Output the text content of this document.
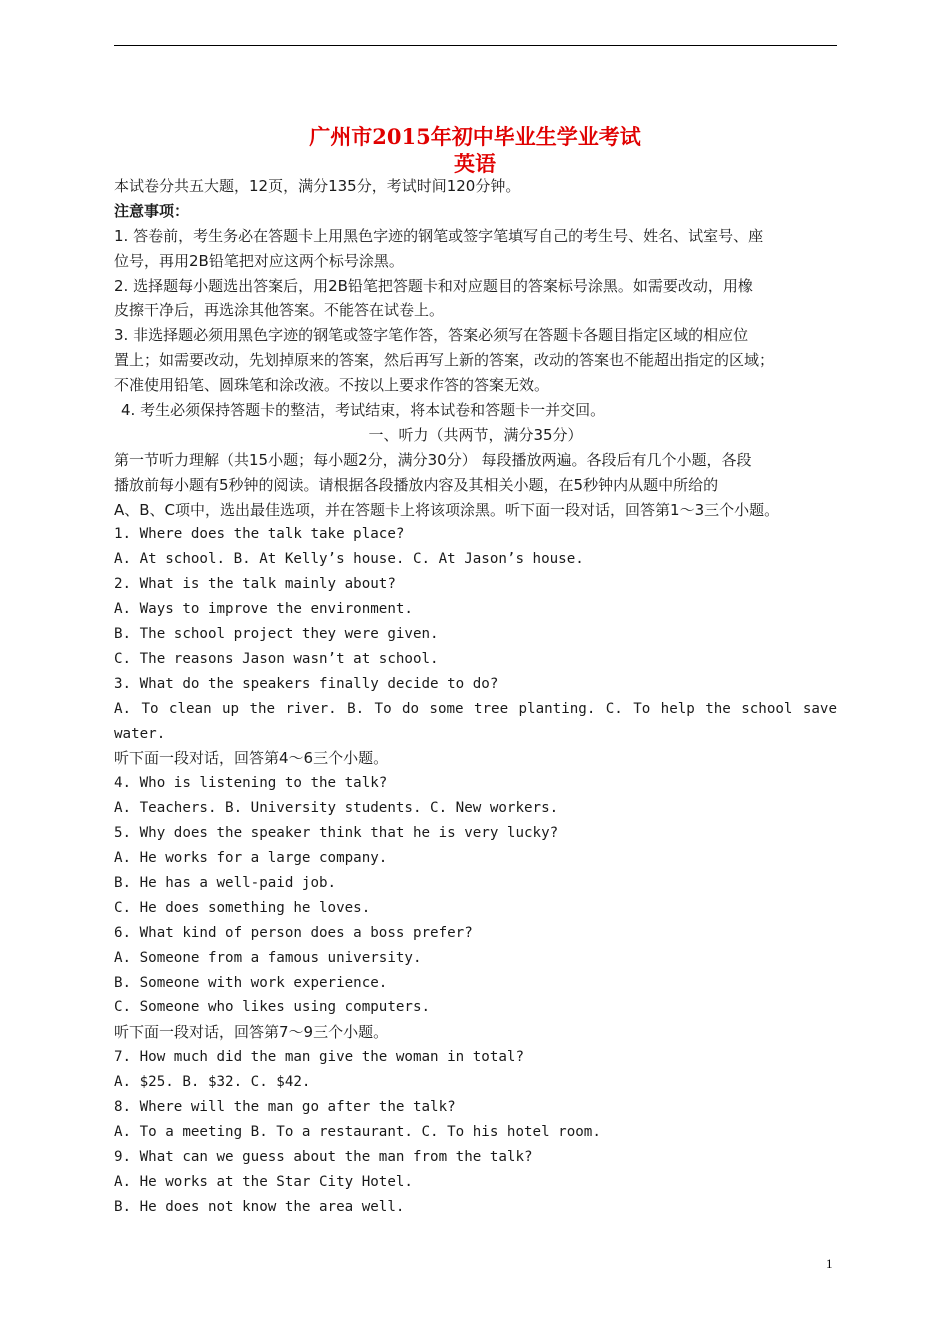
广州市2015年初中毕业生学业考试
英语
本试卷分共五大题，12页，满分135分，考试时间120分钟。
注意事项：
1. 答卷前，考生务必在答题卡上用黑色字迹的钢笔或签字笔填写自己的考生号、姓名、试室号、座
位号，再用2B铅笔把对应这两个标号涂黑。
2. 选择题每小题选出答案后，用2B铅笔把答题卡和对应题目的答案标号涂黑。如需要改动，用橡
皮擦干净后，再选涂其他答案。不能答在试卷上。
3. 非选择题必须用黑色字迹的钢笔或签字笔作答，答案必须写在答题卡各题目指定区域的相应位
置上；如需要改动，先划掉原来的答案，然后再写上新的答案，改动的答案也不能超出指定的区域；
不准使用铅笔、圆珠笔和涂改液。不按以上要求作答的答案无效。
4. 考生必须保持答题卡的整洁，考试结束，将本试卷和答题卡一并交回。
一、听力（共两节，满分35分）
第一节听力理解（共15小题；每小题2分，满分30分） 每段播放两遍。各段后有几个小题，各段
播放前每小题有5秒钟的阅读。请根据各段播放内容及其相关小题，在5秒钟内从题中所给的
A、B、C项中，选出最佳选项，并在答题卡上将该项涂黑。听下面一段对话，回答第1～3三个小题。
1. Where does the talk take place?
A. At school. B. At Kelly’s house. C. At Jason’s house.
2. What is the talk mainly about?
A. Ways to improve the environment.
B. The school project they were given.
C. The reasons Jason wasn’t at school.
3. What do the speakers finally decide to do?
A. To clean up the river. B. To do some tree planting. C. To help the school save
water.
听下面一段对话，回答第4～6三个小题。
4. Who is listening to the talk?
A. Teachers. B. University students. C. New workers.
5. Why does the speaker think that he is very lucky?
A. He works for a large company.
B. He has a well-paid job.
C. He does something he loves.
6. What kind of person does a boss prefer?
A. Someone from a famous university.
B. Someone with work experience.
C. Someone who likes using computers.
听下面一段对话，回答第7～9三个小题。
7. How much did the man give the woman in total?
A. $25. B. $32. C. $42.
8. Where will the man go after the talk?
A. To a meeting B. To a restaurant. C. To his hotel room.
9. What can we guess about the man from the talk?
A. He works at the Star City Hotel.
B. He does not know the area well.
1
